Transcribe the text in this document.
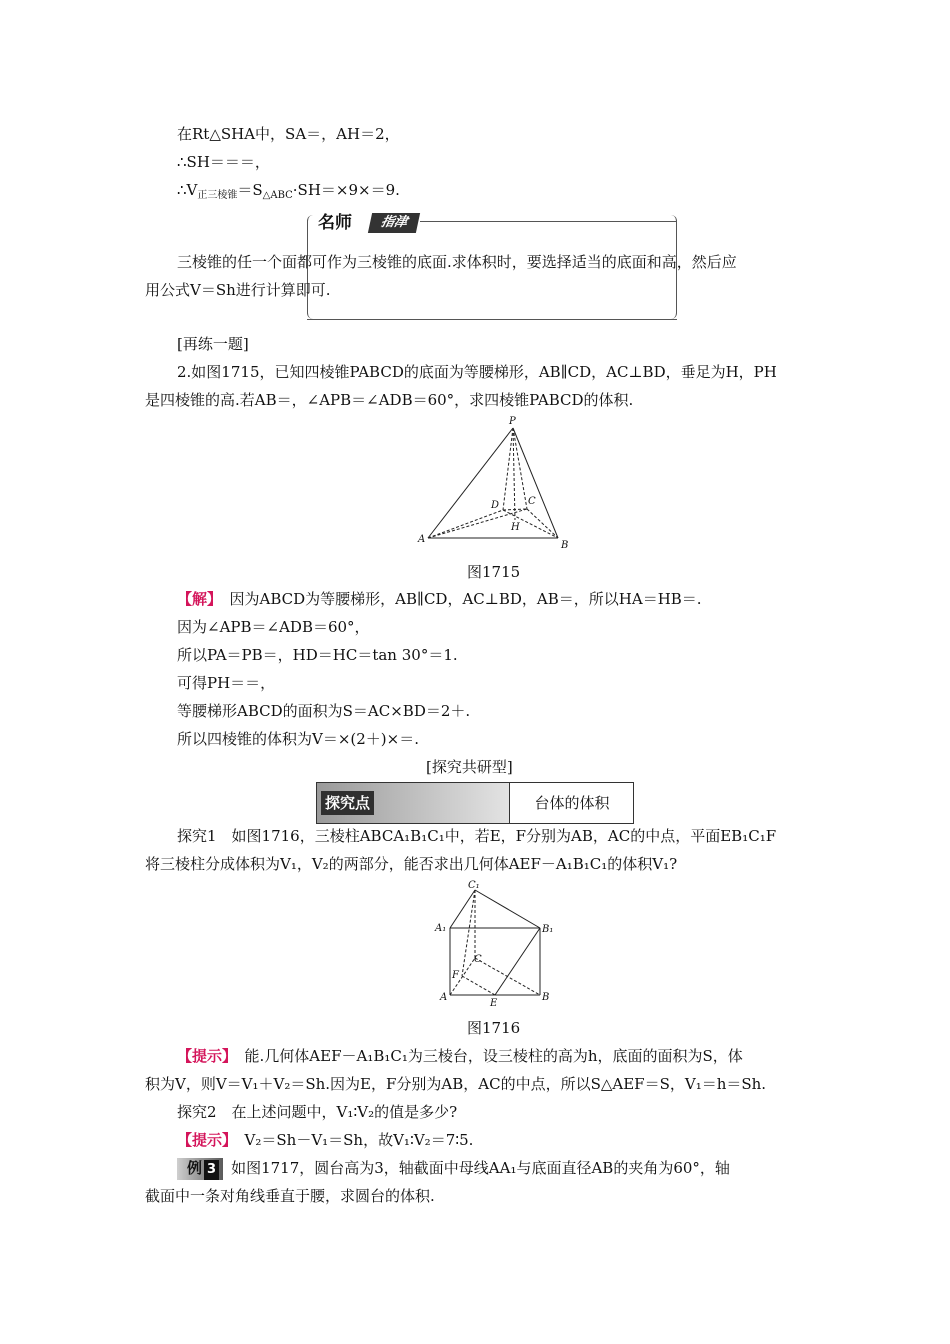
在Rt△SHA中，SA＝，AH＝2，
∴SH＝＝＝，
$\therefore V_{正三棱锥}=S_{\triangle ABC}\cdot SH=\times 9\times=9$.
名师	指津
三棱锥的任一个面都可作为三棱锥的底面.求体积时，要选择适当的底面和高，然后应
用公式V＝Sh进行计算即可.
[再练一题]
2.如图1715，已知四棱锥PABCD的底面为等腰梯形，AB∥CD，AC⊥BD，垂足为H，PH
是四棱锥的高.若AB＝，∠APB＝∠ADB＝60°，求四棱锥PABCD的体积.
P
A
B
C
D
H
图1715
【解】　 因为ABCD为等腰梯形，AB∥CD，AC⊥BD，AB＝，所以HA＝HB＝.
因为∠APB＝∠ADB＝60°，
所以PA＝PB＝，HD＝HC＝tan 30°＝1.
可得PH＝＝，
等腰梯形ABCD的面积为S＝AC×BD＝2＋.
所以四棱锥的体积为V＝×(2＋)×＝.
[探究共研型]
探究点	台体的体积
探究1　如图1716，三棱柱ABCA₁B₁C₁中，若E，F分别为AB，AC的中点，平面EB₁C₁F
将三棱柱分成体积为V₁，V₂的两部分，能否求出几何体AEF－A₁B₁C₁的体积V₁?
C₁
A₁	B₁
C
F
A
E
B
图1716
【提示】　 能.几何体AEF－A₁B₁C₁为三棱台，设三棱柱的高为h，底面的面积为S，体
积为V，则V＝V₁＋V₂＝Sh.因为E，F分别为AB，AC的中点，所以S△AEF＝S，V₁＝h＝Sh.
探究2　在上述问题中，V₁∶V₂的值是多少?
【提示】　 V₂＝Sh－V₁＝Sh，故V₁∶V₂＝7∶5.
例 3 如图1717，圆台高为3，轴截面中母线AA₁与底面直径AB的夹角为60°，轴
截面中一条对角线垂直于腰，求圆台的体积.
